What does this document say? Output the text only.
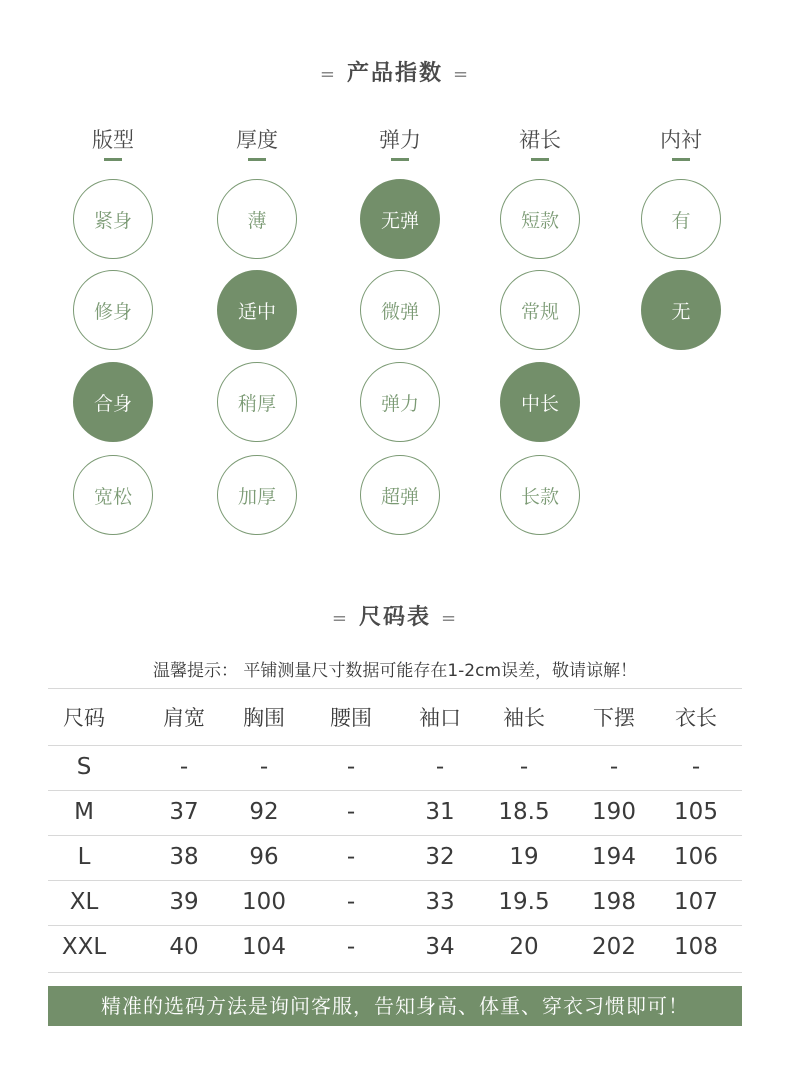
= 产品指数 =
版型
紧身
修身
合身
宽松
厚度
薄
适中
稍厚
加厚
弹力
无弹
微弹
弹力
超弹
裙长
短款
常规
中长
长款
内衬
有
无
= 尺码表 =
温馨提示： 平铺测量尺寸数据可能存在1-2cm误差，敬请谅解！
尺码	肩宽	胸围	腰围	袖口	袖长	下摆	衣长
S	-	-	-	-	-	-	-
M	37	92	-	31	18.5	190	105
L	38	96	-	32	19	194	106
XL	39	100	-	33	19.5	198	107
XXL	40	104	-	34	20	202	108
精准的选码方法是询问客服，告知身高、体重、穿衣习惯即可！
